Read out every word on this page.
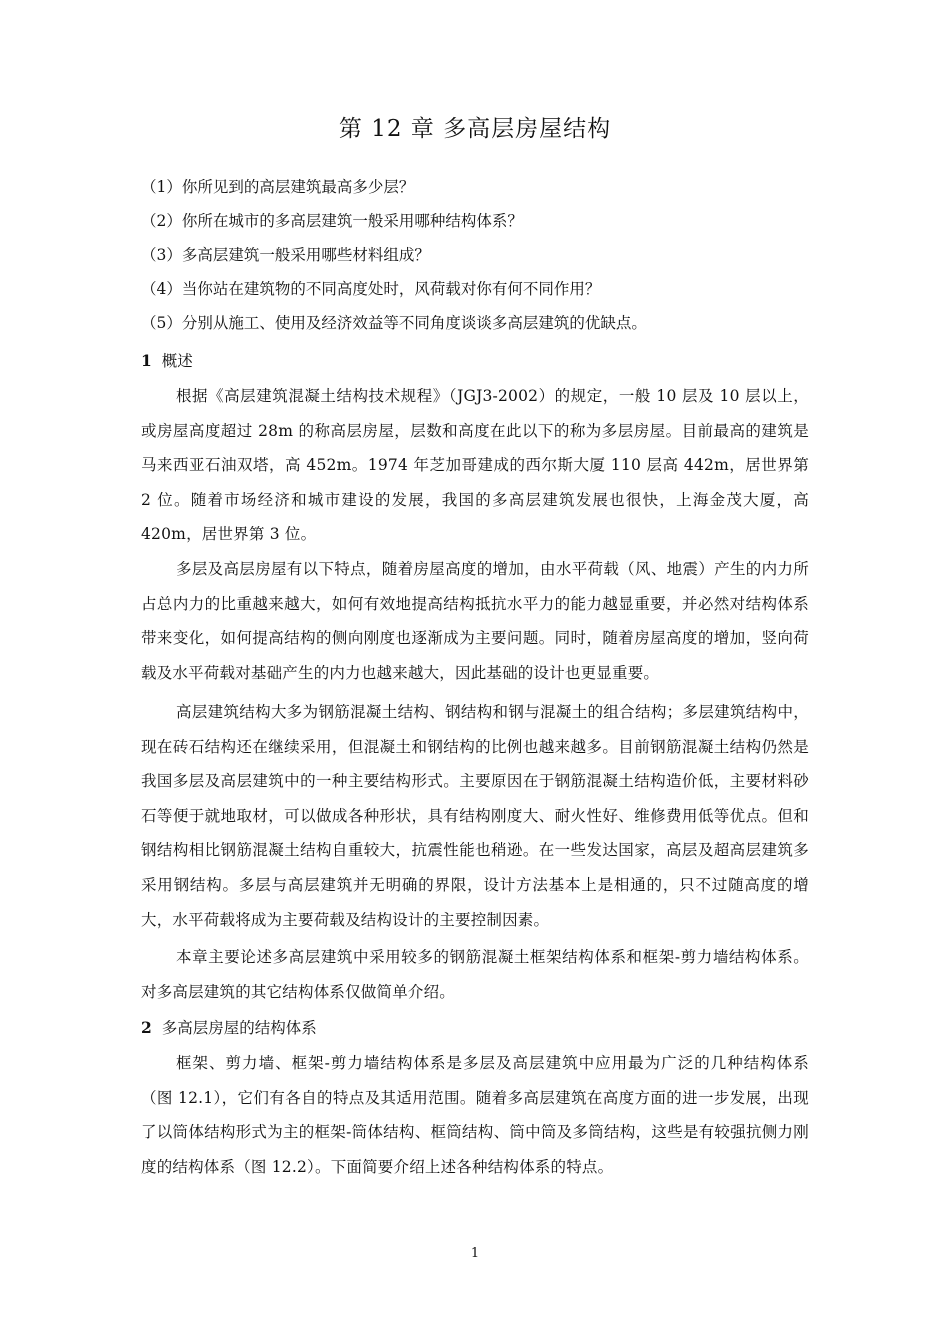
第 12 章 多高层房屋结构
（1）你所见到的高层建筑最高多少层？
（2）你所在城市的多高层建筑一般采用哪种结构体系？
（3）多高层建筑一般采用哪些材料组成？
（4）当你站在建筑物的不同高度处时，风荷载对你有何不同作用？
（5）分别从施工、使用及经济效益等不同角度谈谈多高层建筑的优缺点。
1 概述
根据《高层建筑混凝土结构技术规程》（JGJ3-2002）的规定，一般 10 层及 10 层以上，或房屋高度超过 28m 的称高层房屋，层数和高度在此以下的称为多层房屋。目前最高的建筑是马来西亚石油双塔，高 452m。1974 年芝加哥建成的西尔斯大厦 110 层高 442m，居世界第 2 位。随着市场经济和城市建设的发展，我国的多高层建筑发展也很快，上海金茂大厦，高 420m，居世界第 3 位。
多层及高层房屋有以下特点，随着房屋高度的增加，由水平荷载（风、地震）产生的内力所占总内力的比重越来越大，如何有效地提高结构抵抗水平力的能力越显重要，并必然对结构体系带来变化，如何提高结构的侧向刚度也逐渐成为主要问题。同时，随着房屋高度的增加，竖向荷载及水平荷载对基础产生的内力也越来越大，因此基础的设计也更显重要。
高层建筑结构大多为钢筋混凝土结构、钢结构和钢与混凝土的组合结构；多层建筑结构中，现在砖石结构还在继续采用，但混凝土和钢结构的比例也越来越多。目前钢筋混凝土结构仍然是我国多层及高层建筑中的一种主要结构形式。主要原因在于钢筋混凝土结构造价低，主要材料砂石等便于就地取材，可以做成各种形状，具有结构刚度大、耐火性好、维修费用低等优点。但和钢结构相比钢筋混凝土结构自重较大，抗震性能也稍逊。在一些发达国家，高层及超高层建筑多采用钢结构。多层与高层建筑并无明确的界限，设计方法基本上是相通的，只不过随高度的增大，水平荷载将成为主要荷载及结构设计的主要控制因素。
本章主要论述多高层建筑中采用较多的钢筋混凝土框架结构体系和框架-剪力墙结构体系。对多高层建筑的其它结构体系仅做简单介绍。
2 多高层房屋的结构体系
框架、剪力墙、框架-剪力墙结构体系是多层及高层建筑中应用最为广泛的几种结构体系（图 12.1），它们有各自的特点及其适用范围。随着多高层建筑在高度方面的进一步发展，出现了以筒体结构形式为主的框架-筒体结构、框筒结构、筒中筒及多筒结构，这些是有较强抗侧力刚度的结构体系（图 12.2）。下面简要介绍上述各种结构体系的特点。
1
